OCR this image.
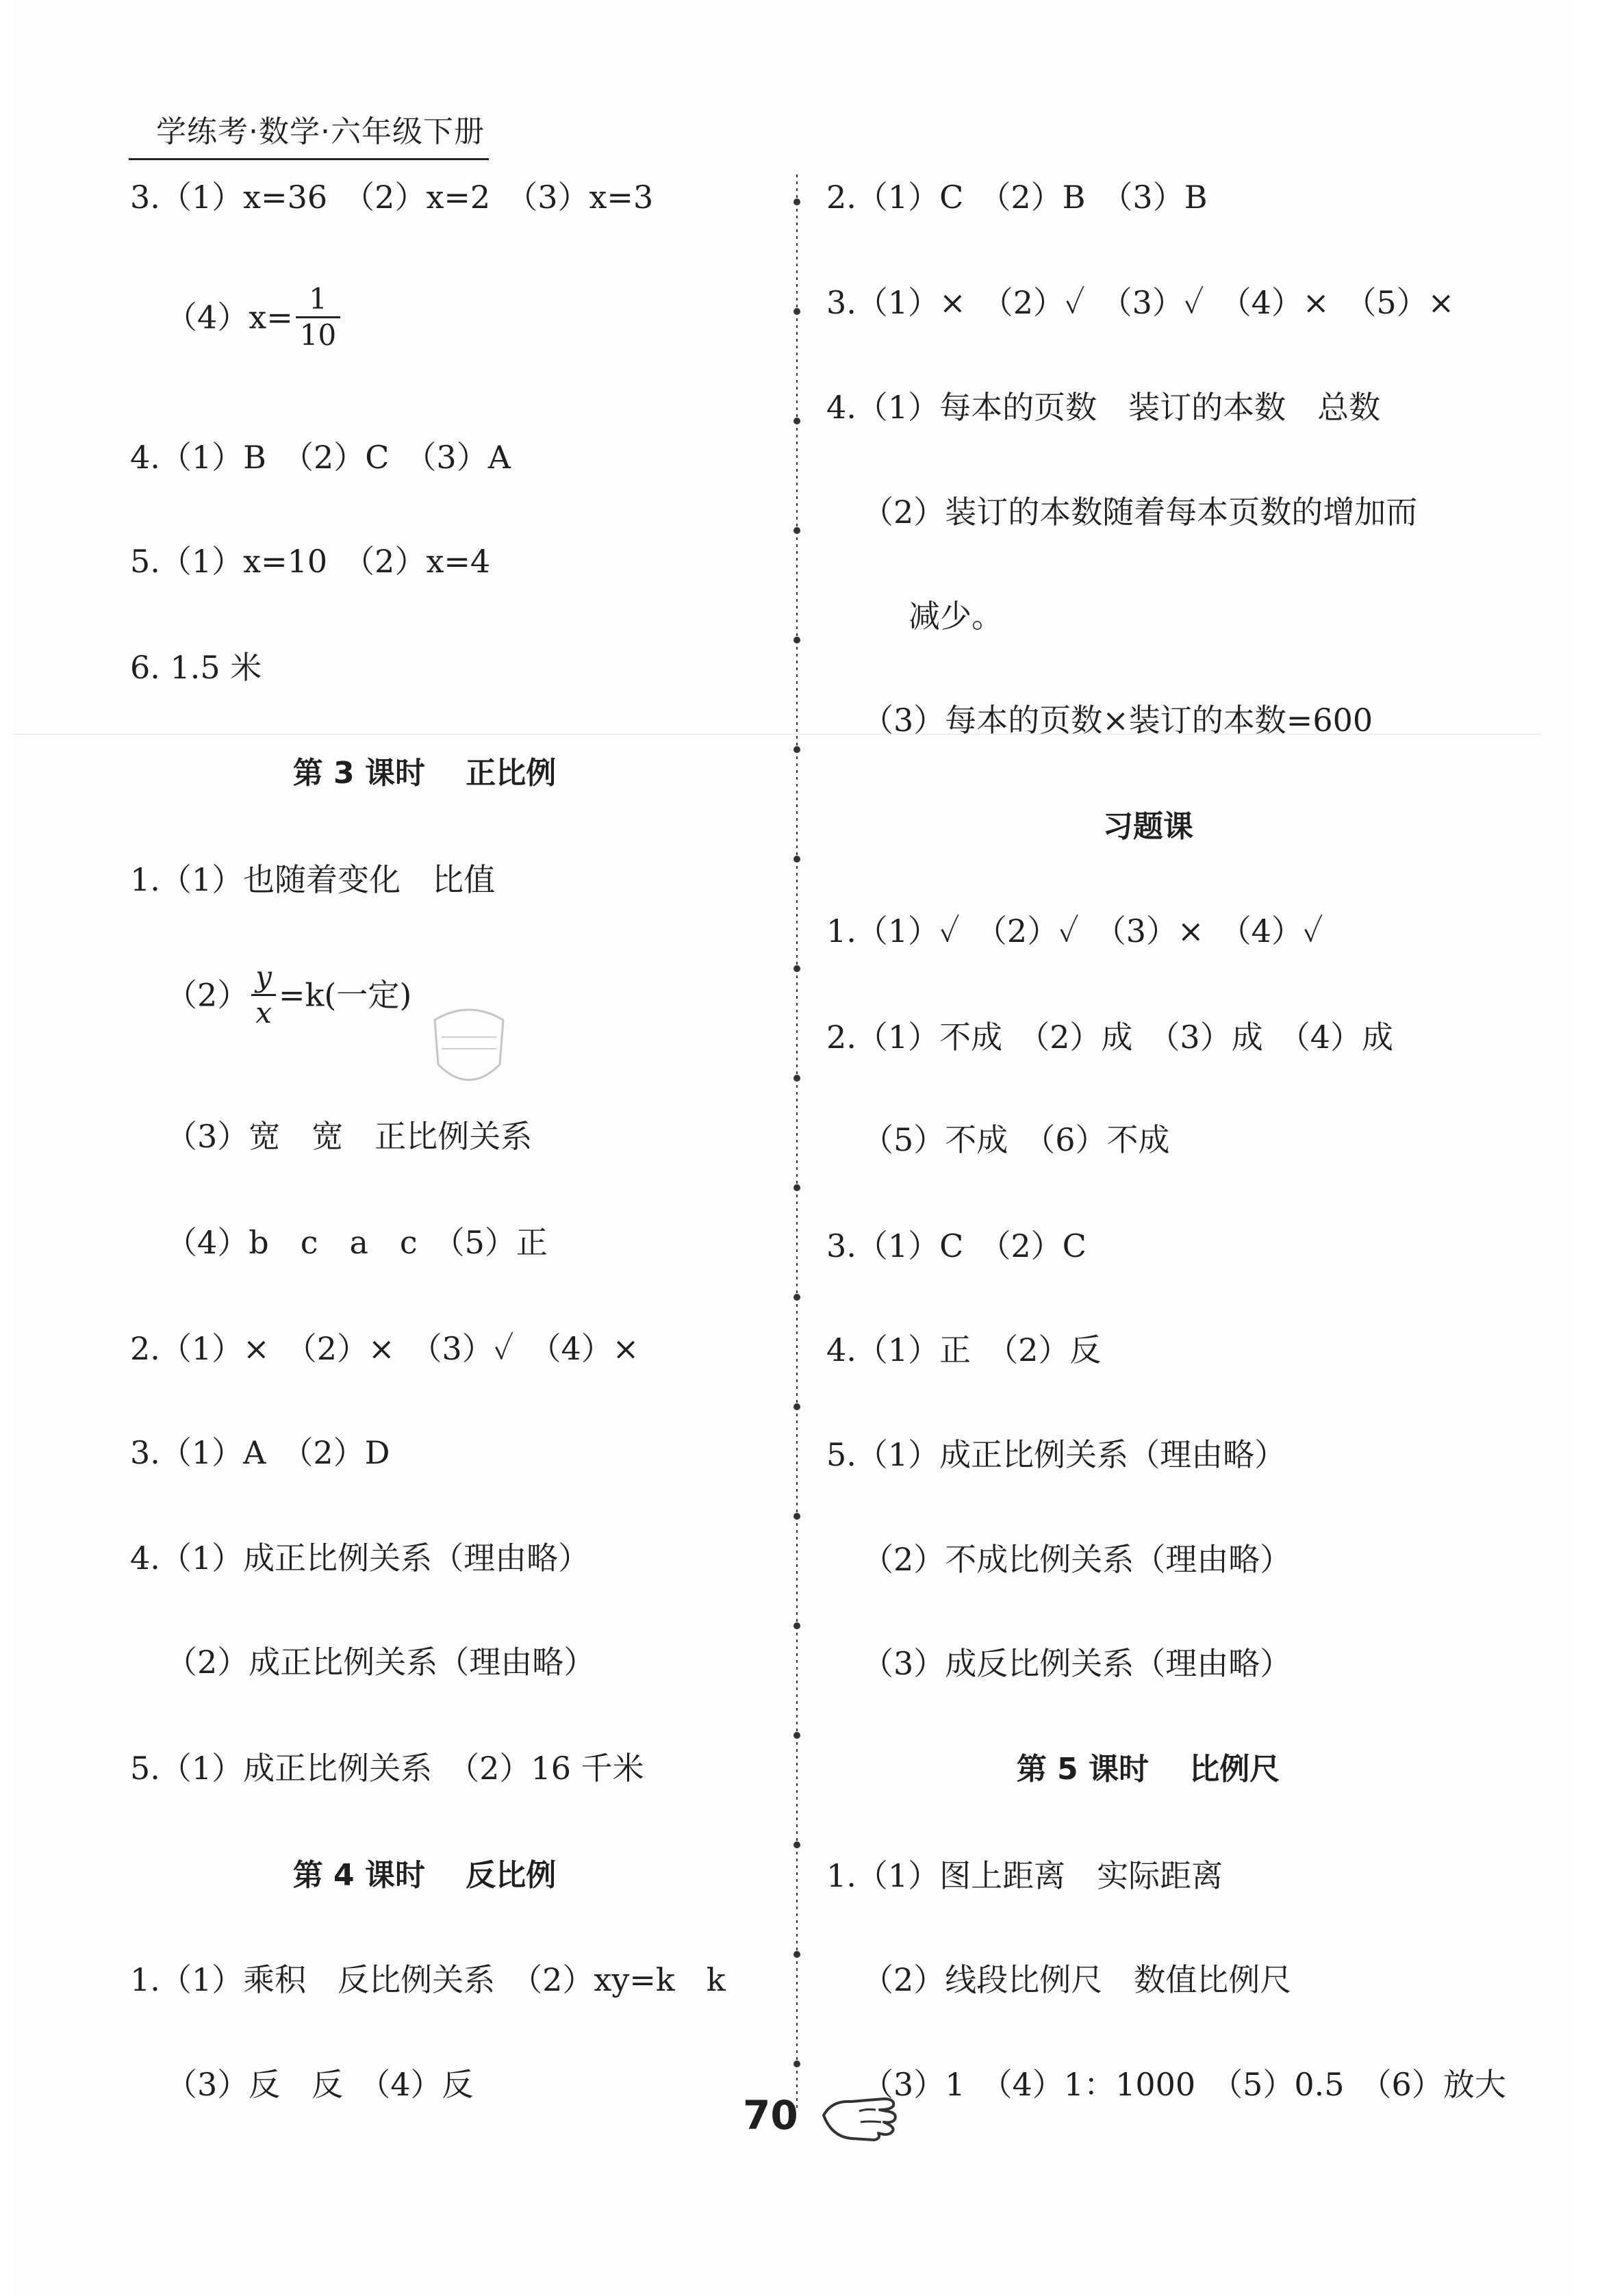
学练考·数学·六年级下册
3.（1）x=36　（2）x=2　（3）x=3
$(4)x= \frac{1}{10}$
4.（1）B　（2）C　（3）A
5.（1）x=10　（2）x=4
6. 1.5 米
第 3 课时　 正比例
1.（1）也随着变化　比值
$(2) \frac{y}{x} =k$(一定)
（3）宽　宽　正比例关系
（4）b　c　a　c　（5）正
2.（1）×　（2）×　（3）✓　（4）×
3.（1）A　（2）D
4.（1）成正比例关系（理由略）
（2）成正比例关系（理由略）
5.（1）成正比例关系　（2）16 千米
第 4 课时　 反比例
1.（1）乘积　反比例关系　（2）xy=k　k
（3）反　反　（4）反
2.（1）C　（2）B　（3）B
3.（1）×　（2）✓　（3）✓　（4）×　（5）×
4.（1）每本的页数　装订的本数　总数
（2）装订的本数随着每本页数的增加而
减少。
（3）每本的页数×装订的本数=600
习题课
1.（1）✓　（2）✓　（3）×　（4）✓
2.（1）不成　（2）成　（3）成　（4）成
（5）不成　（6）不成
3.（1）C　（2）C
4.（1）正　（2）反
5.（1）成正比例关系（理由略）
（2）不成比例关系（理由略）
（3）成反比例关系（理由略）
第 5 课时　 比例尺
1.（1）图上距离　实际距离
（2）线段比例尺　数值比例尺
（3）1　（4）1：1000　（5）0.5　（6）放大
70
